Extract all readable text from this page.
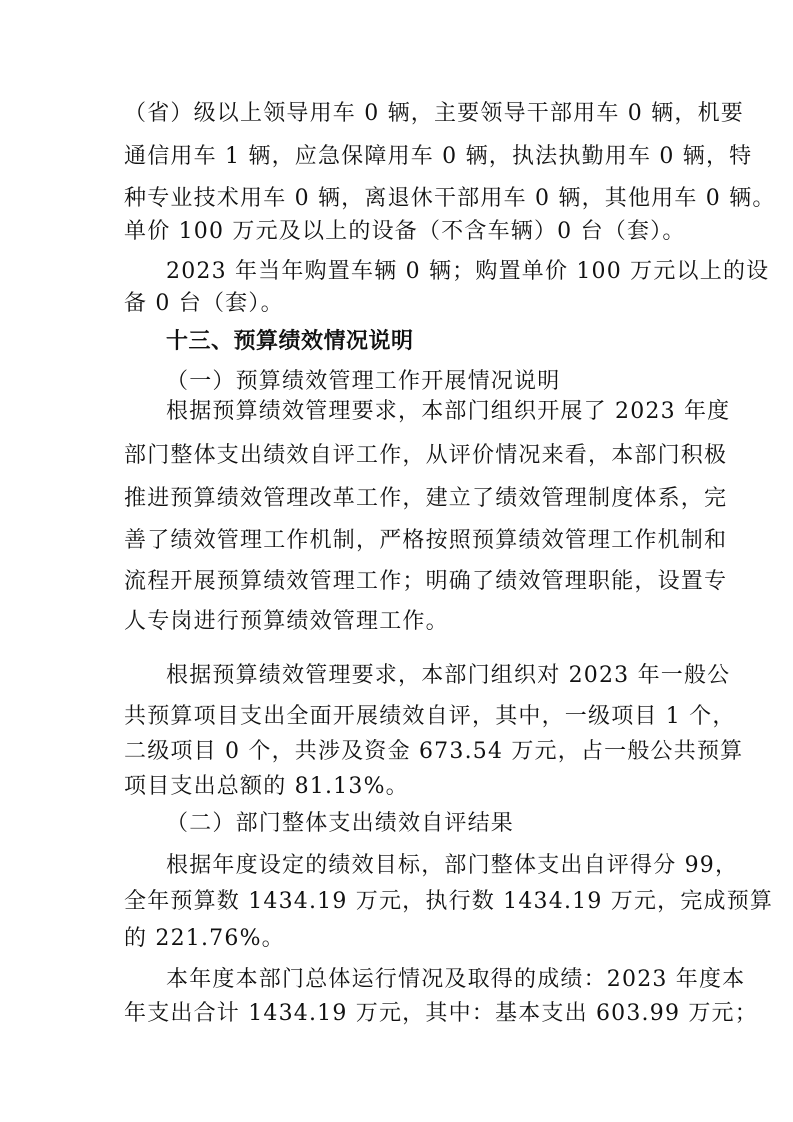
（省）级以上领导用车 0 辆，主要领导干部用车 0 辆，机要
通信用车 1 辆，应急保障用车 0 辆，执法执勤用车 0 辆，特
种专业技术用车 0 辆，离退休干部用车 0 辆，其他用车 0 辆。
单价 100 万元及以上的设备（不含车辆）0 台（套）。
2023 年当年购置车辆 0 辆；购置单价 100 万元以上的设
备 0 台（套）。
十三、预算绩效情况说明
（一）预算绩效管理工作开展情况说明
根据预算绩效管理要求，本部门组织开展了 2023 年度
部门整体支出绩效自评工作，从评价情况来看，本部门积极
推进预算绩效管理改革工作，建立了绩效管理制度体系，完
善了绩效管理工作机制，严格按照预算绩效管理工作机制和
流程开展预算绩效管理工作；明确了绩效管理职能，设置专
人专岗进行预算绩效管理工作。
根据预算绩效管理要求，本部门组织对 2023 年一般公
共预算项目支出全面开展绩效自评，其中，一级项目 1 个，
二级项目 0 个，共涉及资金 673.54 万元，占一般公共预算
项目支出总额的 81.13%。
（二）部门整体支出绩效自评结果
根据年度设定的绩效目标，部门整体支出自评得分 99，
全年预算数 1434.19 万元，执行数 1434.19 万元，完成预算
的 221.76%。
本年度本部门总体运行情况及取得的成绩：2023 年度本
年支出合计 1434.19 万元，其中：基本支出 603.99 万元；
